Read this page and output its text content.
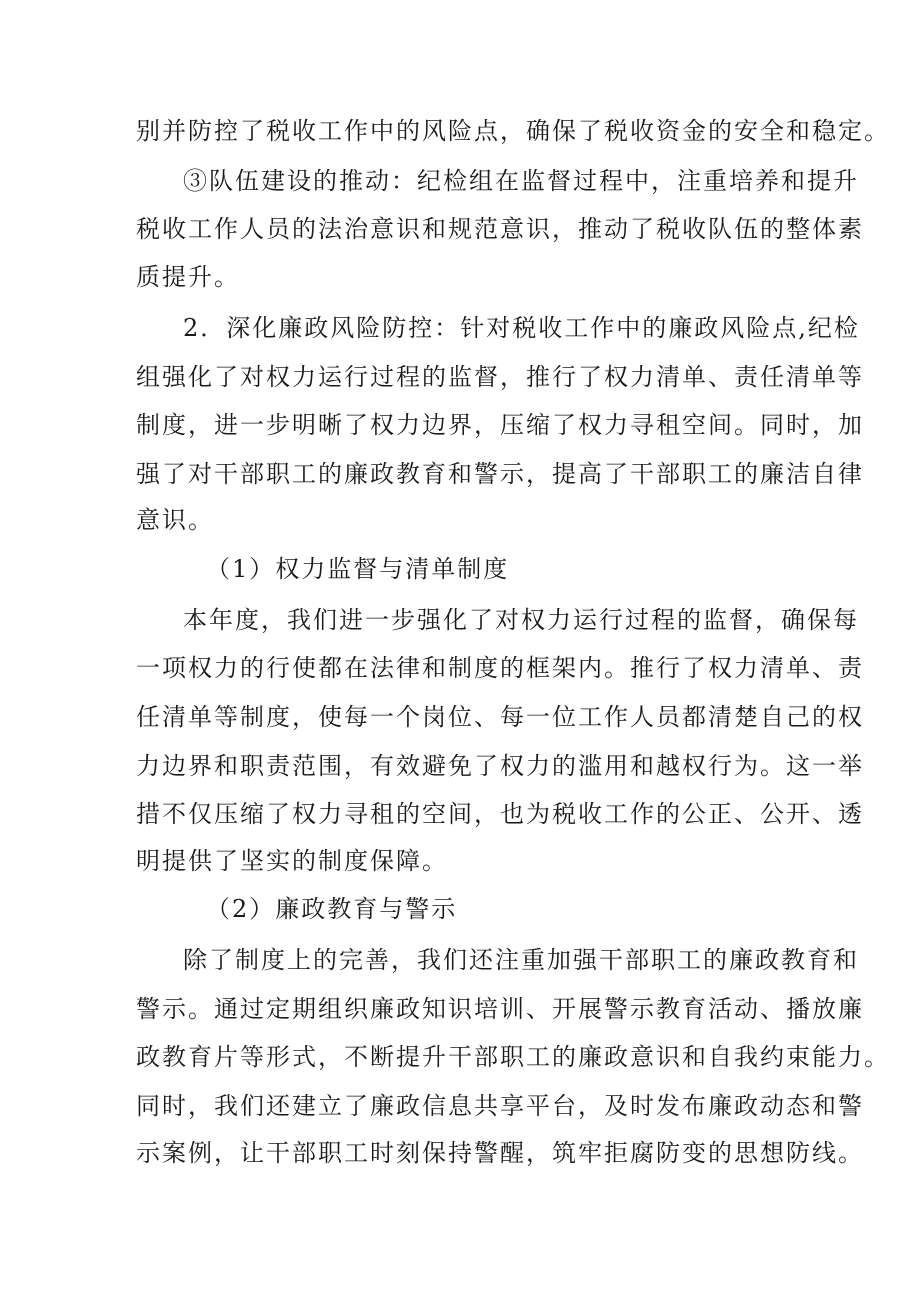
别并防控了税收工作中的风险点，确保了税收资金的安全和稳定。
③队伍建设的推动：纪检组在监督过程中，注重培养和提升
税收工作人员的法治意识和规范意识，推动了税收队伍的整体素
质提升。
2．深化廉政风险防控：针对税收工作中的廉政风险点,纪检
组强化了对权力运行过程的监督，推行了权力清单、责任清单等
制度，进一步明晰了权力边界，压缩了权力寻租空间。同时，加
强了对干部职工的廉政教育和警示，提高了干部职工的廉洁自律
意识。
（1）权力监督与清单制度
本年度，我们进一步强化了对权力运行过程的监督，确保每
一项权力的行使都在法律和制度的框架内。推行了权力清单、责
任清单等制度，使每一个岗位、每一位工作人员都清楚自己的权
力边界和职责范围，有效避免了权力的滥用和越权行为。这一举
措不仅压缩了权力寻租的空间，也为税收工作的公正、公开、透
明提供了坚实的制度保障。
（2）廉政教育与警示
除了制度上的完善，我们还注重加强干部职工的廉政教育和
警示。通过定期组织廉政知识培训、开展警示教育活动、播放廉
政教育片等形式，不断提升干部职工的廉政意识和自我约束能力。
同时，我们还建立了廉政信息共享平台，及时发布廉政动态和警
示案例，让干部职工时刻保持警醒，筑牢拒腐防变的思想防线。
